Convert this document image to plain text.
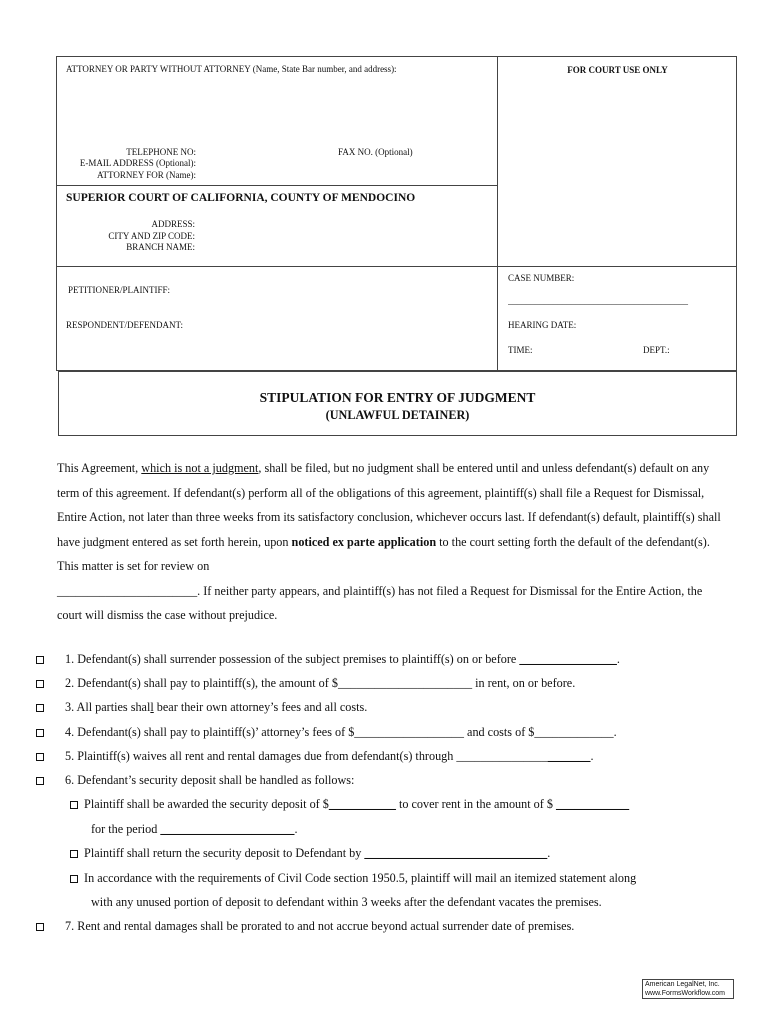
ATTORNEY OR PARTY WITHOUT ATTORNEY (Name, State Bar number, and address):	FOR COURT USE ONLY
TELEPHONE NO:	FAX NO. (Optional)
E-MAIL ADDRESS (Optional):
ATTORNEY FOR (Name):
SUPERIOR COURT OF CALIFORNIA, COUNTY OF MENDOCINO
ADDRESS:
CITY AND ZIP CODE:
BRANCH NAME:
PETITIONER/PLAINTIFF:
RESPONDENT/DEFENDANT:
CASE NUMBER:
________________________________________
HEARING DATE:
TIME:	DEPT.:
STIPULATION FOR ENTRY OF JUDGMENT
(UNLAWFUL DETAINER)

This Agreement, which is not a judgment, shall be filed, but no judgment shall be entered until and unless defendant(s) default on any term of this agreement. If defendant(s) perform all of the obligations of this agreement, plaintiff(s) shall file a Request for Dismissal, Entire Action, not later than three weeks from its satisfactory conclusion, whichever occurs last. If defendant(s) default, plaintiff(s) shall have judgment entered as set forth herein, upon noticed ex parte application to the court setting forth the default of the defendant(s). This matter is set for review on

_______________________. If neither party appears, and plaintiff(s) has not filed a Request for Dismissal for the Entire Action, the court will dismiss the case without prejudice.

1. Defendant(s) shall surrender possession of the subject premises to plaintiff(s) on or before ________________.
2. Defendant(s) shall pay to plaintiff(s), the amount of $______________________ in rent, on or before.
3. All parties shall bear their own attorney’s fees and all costs.
4. Defendant(s) shall pay to plaintiff(s)’ attorney’s fees of $__________________ and costs of $_____________.
5. Plaintiff(s) waives all rent and rental damages due from defendant(s) through ______________________.
6. Defendant’s security deposit shall be handled as follows:
Plaintiff shall be awarded the security deposit of $___________ to cover rent in the amount of $ ____________
for the period ______________________.
Plaintiff shall return the security deposit to Defendant by ______________________________.
In accordance with the requirements of Civil Code section 1950.5, plaintiff will mail an itemized statement along
with any unused portion of deposit to defendant within 3 weeks after the defendant vacates the premises.
7. Rent and rental damages shall be prorated to and not accrue beyond actual surrender date of premises.
American LegalNet, Inc.
www.FormsWorkflow.com
